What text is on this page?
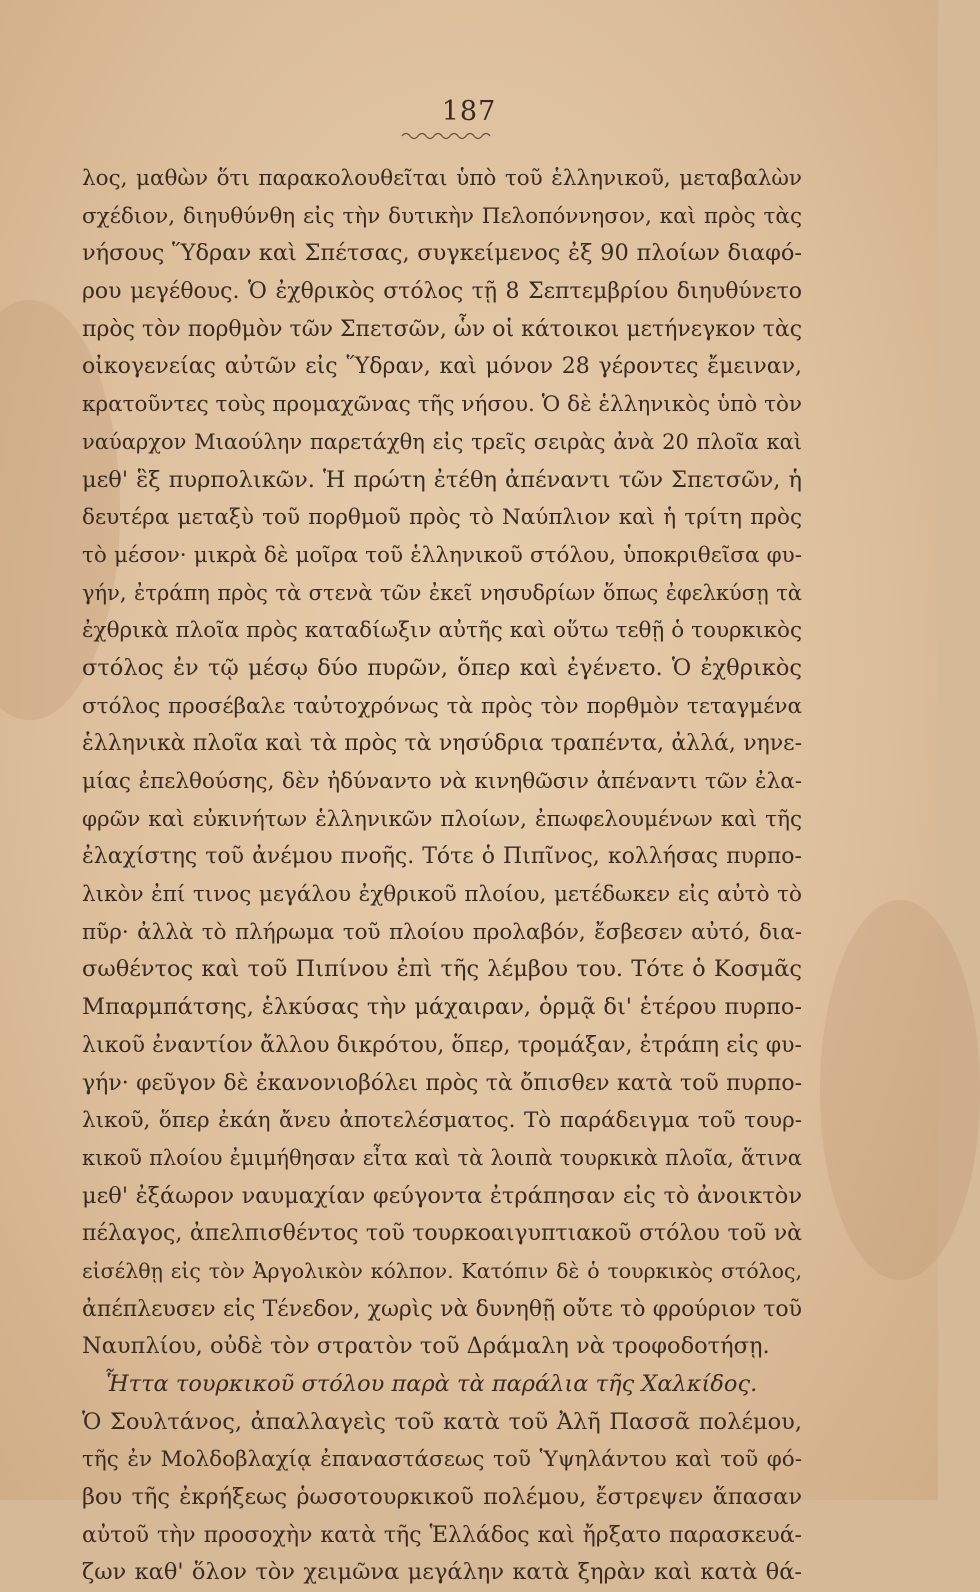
187
λος, μαθὼν ὅτι παρακολουθεῖται ὑπὸ τοῦ ἑλληνικοῦ, μεταβαλὼν
σχέδιον, διηυθύνθη εἰς τὴν δυτικὴν Πελοπόννησον, καὶ πρὸς τὰς
νήσους Ὕδραν καὶ Σπέτσας, συγκείμενος ἐξ 90 πλοίων διαφό-
ρου μεγέθους. Ὁ ἐχθρικὸς στόλος τῇ 8 Σεπτεμβρίου διηυθύνετο
πρὸς τὸν πορθμὸν τῶν Σπετσῶν, ὧν οἱ κάτοικοι μετήνεγκον τὰς
οἰκογενείας αὐτῶν εἰς Ὕδραν, καὶ μόνον 28 γέροντες ἔμειναν,
κρατοῦντες τοὺς προμαχῶνας τῆς νήσου. Ὁ δὲ ἑλληνικὸς ὑπὸ τὸν
ναύαρχον Μιαούλην παρετάχθη εἰς τρεῖς σειρὰς ἀνὰ 20 πλοῖα καὶ
μεθ' ἓξ πυρπολικῶν. Ἡ πρώτη ἐτέθη ἀπέναντι τῶν Σπετσῶν, ἡ
δευτέρα μεταξὺ τοῦ πορθμοῦ πρὸς τὸ Ναύπλιον καὶ ἡ τρίτη πρὸς
τὸ μέσον· μικρὰ δὲ μοῖρα τοῦ ἑλληνικοῦ στόλου, ὑποκριθεῖσα φυ-
γήν, ἐτράπη πρὸς τὰ στενὰ τῶν ἐκεῖ νησυδρίων ὅπως ἐφελκύσῃ τὰ
ἐχθρικὰ πλοῖα πρὸς καταδίωξιν αὐτῆς καὶ οὕτω τεθῇ ὁ τουρκικὸς
στόλος ἐν τῷ μέσῳ δύο πυρῶν, ὅπερ καὶ ἐγένετο. Ὁ ἐχθρικὸς
στόλος προσέβαλε ταὐτοχρόνως τὰ πρὸς τὸν πορθμὸν τεταγμένα
ἑλληνικὰ πλοῖα καὶ τὰ πρὸς τὰ νησύδρια τραπέντα, ἀλλά, νηνε-
μίας ἐπελθούσης, δὲν ἠδύναντο νὰ κινηθῶσιν ἀπέναντι τῶν ἐλα-
φρῶν καὶ εὐκινήτων ἑλληνικῶν πλοίων, ἐπωφελουμένων καὶ τῆς
ἐλαχίστης τοῦ ἀνέμου πνοῆς. Τότε ὁ Πιπῖνος, κολλήσας πυρπο-
λικὸν ἐπί τινος μεγάλου ἐχθρικοῦ πλοίου, μετέδωκεν εἰς αὐτὸ τὸ
πῦρ· ἀλλὰ τὸ πλήρωμα τοῦ πλοίου προλαβόν, ἔσβεσεν αὐτό, δια-
σωθέντος καὶ τοῦ Πιπίνου ἐπὶ τῆς λέμβου του. Τότε ὁ Κοσμᾶς
Μπαρμπάτσης, ἑλκύσας τὴν μάχαιραν, ὁρμᾷ δι' ἑτέρου πυρπο-
λικοῦ ἐναντίον ἄλλου δικρότου, ὅπερ, τρομάξαν, ἐτράπη εἰς φυ-
γήν· φεῦγον δὲ ἐκανονιοβόλει πρὸς τὰ ὄπισθεν κατὰ τοῦ πυρπο-
λικοῦ, ὅπερ ἐκάη ἄνευ ἀποτελέσματος. Τὸ παράδειγμα τοῦ τουρ-
κικοῦ πλοίου ἐμιμήθησαν εἶτα καὶ τὰ λοιπὰ τουρκικὰ πλοῖα, ἅτινα
μεθ' ἐξάωρον ναυμαχίαν φεύγοντα ἐτράπησαν εἰς τὸ ἀνοικτὸν
πέλαγος, ἀπελπισθέντος τοῦ τουρκοαιγυπτιακοῦ στόλου τοῦ νὰ
εἰσέλθῃ εἰς τὸν Ἀργολικὸν κόλπον. Κατόπιν δὲ ὁ τουρκικὸς στόλος,
ἀπέπλευσεν εἰς Τένεδον, χωρὶς νὰ δυνηθῇ οὔτε τὸ φρούριον τοῦ
Ναυπλίου, οὐδὲ τὸν στρατὸν τοῦ Δράμαλη νὰ τροφοδοτήσῃ.
Ἧττα τουρκικοῦ στόλου παρὰ τὰ παράλια τῆς Χαλκίδος.
Ὁ Σουλτάνος, ἀπαλλαγεὶς τοῦ κατὰ τοῦ Ἀλῆ Πασσᾶ πολέμου,
τῆς ἐν Μολδοβλαχίᾳ ἐπαναστάσεως τοῦ Ὑψηλάντου καὶ τοῦ φό-
βου τῆς ἐκρήξεως ῥωσοτουρκικοῦ πολέμου, ἔστρεψεν ἅπασαν
αὐτοῦ τὴν προσοχὴν κατὰ τῆς Ἑλλάδος καὶ ἤρξατο παρασκευά-
ζων καθ' ὅλον τὸν χειμῶνα μεγάλην κατὰ ξηρὰν καὶ κατὰ θά-
